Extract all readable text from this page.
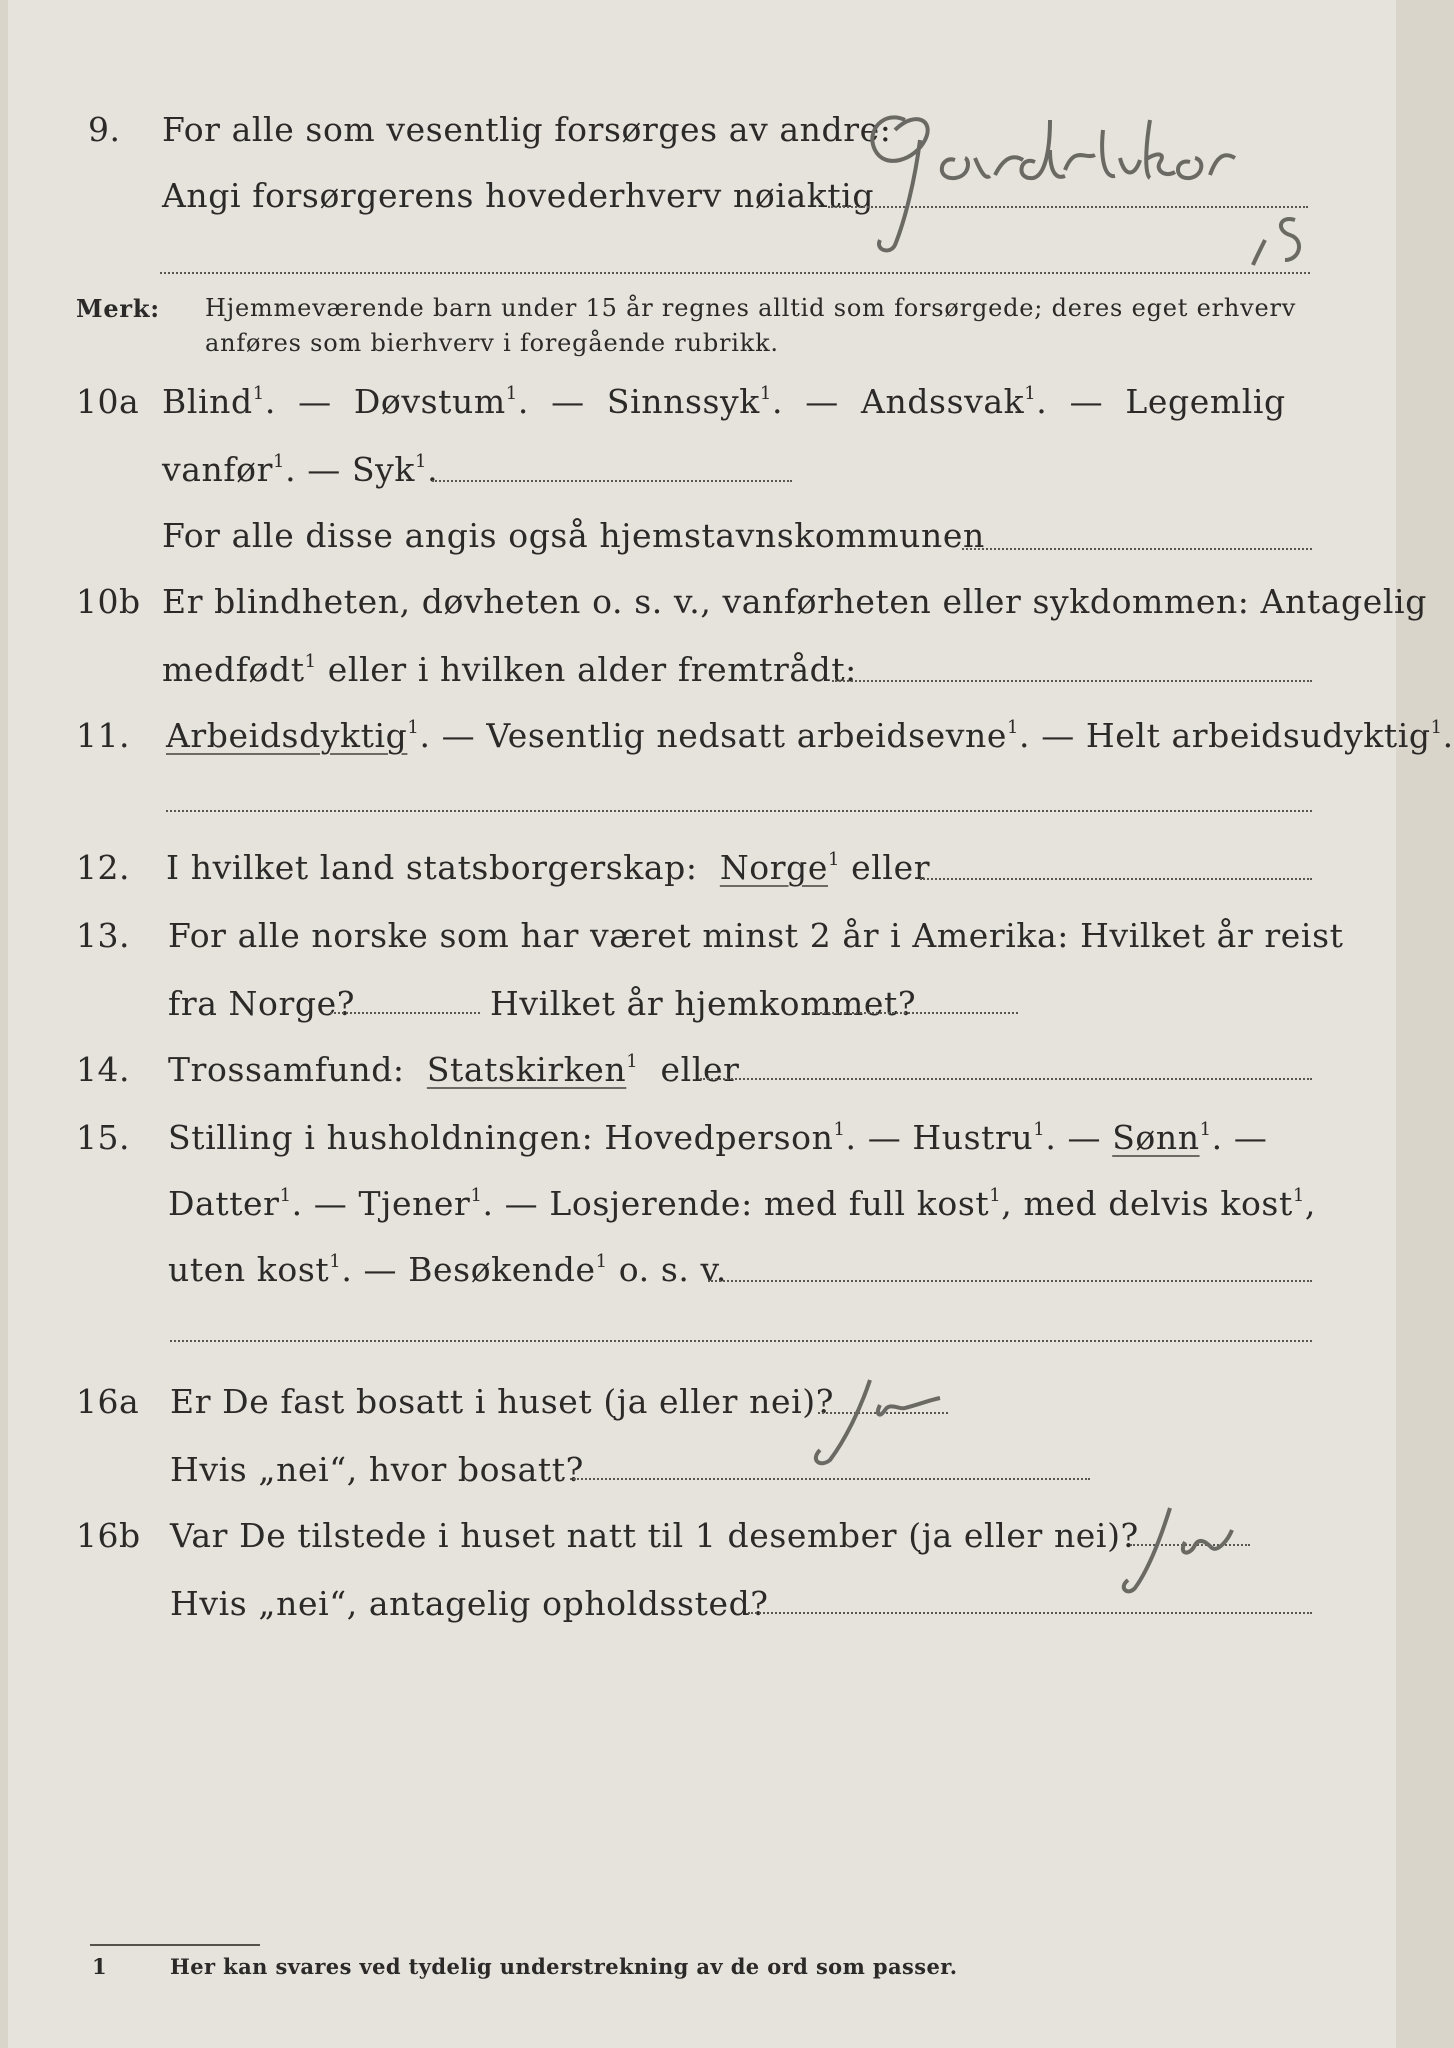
9. For alle som vesentlig forsørges av andre:
Angi forsørgerens hovederhverv nøiaktig
Merk: Hjemmeværende barn under 15 år regnes alltid som forsørgede; deres eget erhverv
anføres som bierhverv i foregående rubrikk.
10a Blind$^1$.  —  Døvstum$^1$.  —  Sinnssyk$^1$.  —  Andssvak$^1$.  —  Legemlig
vanfør$^1$. — Syk$^1$.
For alle disse angis også hjemstavnskommunen
10b Er blindheten, døvheten o. s. v., vanførheten eller sykdommen: Antagelig
medfødt$^1$ eller i hvilken alder fremtrådt:
11. Arbeidsdyktig$^1$. — Vesentlig nedsatt arbeidsevne$^1$. — Helt arbeidsudyktig$^1$.
12. I hvilket land statsborgerskap: Norge$^1$ eller
13. For alle norske som har været minst 2 år i Amerika: Hvilket år reist
fra Norge?	Hvilket år hjemkommet?
14. Trossamfund: Statskirken$^1$ eller
15. Stilling i husholdningen: Hovedperson$^1$. — Hustru$^1$. — Sønn$^1$. —
Datter$^1$. — Tjener$^1$. — Losjerende: med full kost$^1$, med delvis kost$^1$,
uten kost$^1$. — Besøkende$^1$ o. s. v.
16a Er De fast bosatt i huset (ja eller nei)?
Hvis „nei“, hvor bosatt?
16b Var De tilstede i huset natt til 1 desember (ja eller nei)?
Hvis „nei“, antagelig opholdssted?
1	Her kan svares ved tydelig understrekning av de ord som passer.
